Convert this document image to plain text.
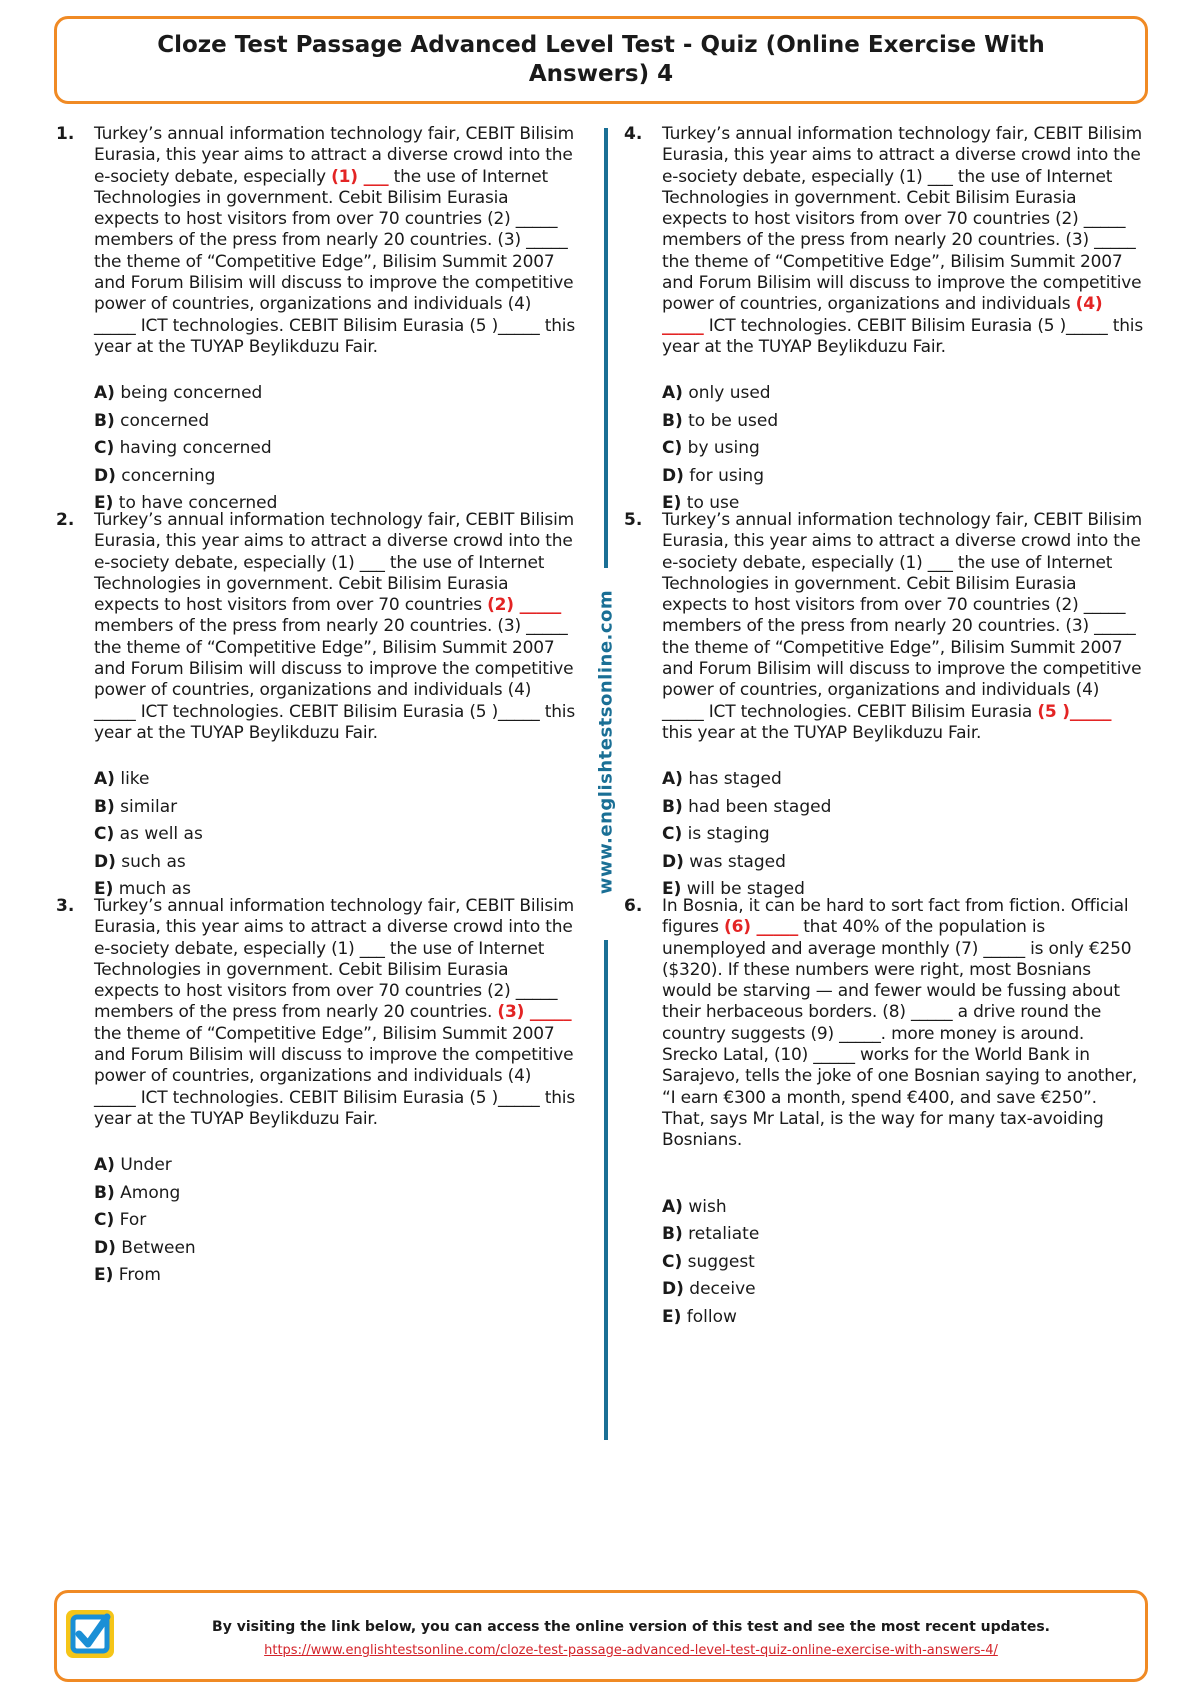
Cloze Test Passage Advanced Level Test - Quiz (Online Exercise With Answers) 4
www.englishtestsonline.com
1. Turkey’s annual information technology fair, CEBIT Bilisim Eurasia, this year aims to attract a diverse crowd into the e-society debate, especially (1) ___ the use of Internet Technologies in government. Cebit Bilisim Eurasia expects to host visitors from over 70 countries (2) _____ members of the press from nearly 20 countries. (3) _____ the theme of “Competitive Edge”, Bilisim Summit 2007 and Forum Bilisim will discuss to improve the competitive power of countries, organizations and individuals (4) _____ ICT technologies. CEBIT Bilisim Eurasia (5 )_____ this year at the TUYAP Beylikduzu Fair.
A) being concerned
B) concerned
C) having concerned
D) concerning
E) to have concerned
2. Turkey’s annual information technology fair, CEBIT Bilisim Eurasia, this year aims to attract a diverse crowd into the e-society debate, especially (1) ___ the use of Internet Technologies in government. Cebit Bilisim Eurasia expects to host visitors from over 70 countries (2) _____ members of the press from nearly 20 countries. (3) _____ the theme of “Competitive Edge”, Bilisim Summit 2007 and Forum Bilisim will discuss to improve the competitive power of countries, organizations and individuals (4) _____ ICT technologies. CEBIT Bilisim Eurasia (5 )_____ this year at the TUYAP Beylikduzu Fair.
A) like
B) similar
C) as well as
D) such as
E) much as
3. Turkey’s annual information technology fair, CEBIT Bilisim Eurasia, this year aims to attract a diverse crowd into the e-society debate, especially (1) ___ the use of Internet Technologies in government. Cebit Bilisim Eurasia expects to host visitors from over 70 countries (2) _____ members of the press from nearly 20 countries. (3) _____ the theme of “Competitive Edge”, Bilisim Summit 2007 and Forum Bilisim will discuss to improve the competitive power of countries, organizations and individuals (4) _____ ICT technologies. CEBIT Bilisim Eurasia (5 )_____ this year at the TUYAP Beylikduzu Fair.
A) Under
B) Among
C) For
D) Between
E) From
4. Turkey’s annual information technology fair, CEBIT Bilisim Eurasia, this year aims to attract a diverse crowd into the e-society debate, especially (1) ___ the use of Internet Technologies in government. Cebit Bilisim Eurasia expects to host visitors from over 70 countries (2) _____ members of the press from nearly 20 countries. (3) _____ the theme of “Competitive Edge”, Bilisim Summit 2007 and Forum Bilisim will discuss to improve the competitive power of countries, organizations and individuals (4) _____ ICT technologies. CEBIT Bilisim Eurasia (5 )_____ this year at the TUYAP Beylikduzu Fair.
A) only used
B) to be used
C) by using
D) for using
E) to use
5. Turkey’s annual information technology fair, CEBIT Bilisim Eurasia, this year aims to attract a diverse crowd into the e-society debate, especially (1) ___ the use of Internet Technologies in government. Cebit Bilisim Eurasia expects to host visitors from over 70 countries (2) _____ members of the press from nearly 20 countries. (3) _____ the theme of “Competitive Edge”, Bilisim Summit 2007 and Forum Bilisim will discuss to improve the competitive power of countries, organizations and individuals (4) _____ ICT technologies. CEBIT Bilisim Eurasia (5 )_____ this year at the TUYAP Beylikduzu Fair.
A) has staged
B) had been staged
C) is staging
D) was staged
E) will be staged
6. In Bosnia, it can be hard to sort fact from fiction. Official figures (6) _____ that 40% of the population is unemployed and average monthly (7) _____ is only €250 ($320). If these numbers were right, most Bosnians would be starving — and fewer would be fussing about their herbaceous borders. (8) _____ a drive round the country suggests (9) _____. more money is around. Srecko Latal, (10) _____ works for the World Bank in Sarajevo, tells the joke of one Bosnian saying to another, “I earn €300 a month, spend €400, and save €250”. That, says Mr Latal, is the way for many tax-avoiding Bosnians.
A) wish
B) retaliate
C) suggest
D) deceive
E) follow
By visiting the link below, you can access the online version of this test and see the most recent updates.
https://www.englishtestsonline.com/cloze-test-passage-advanced-level-test-quiz-online-exercise-with-answers-4/
